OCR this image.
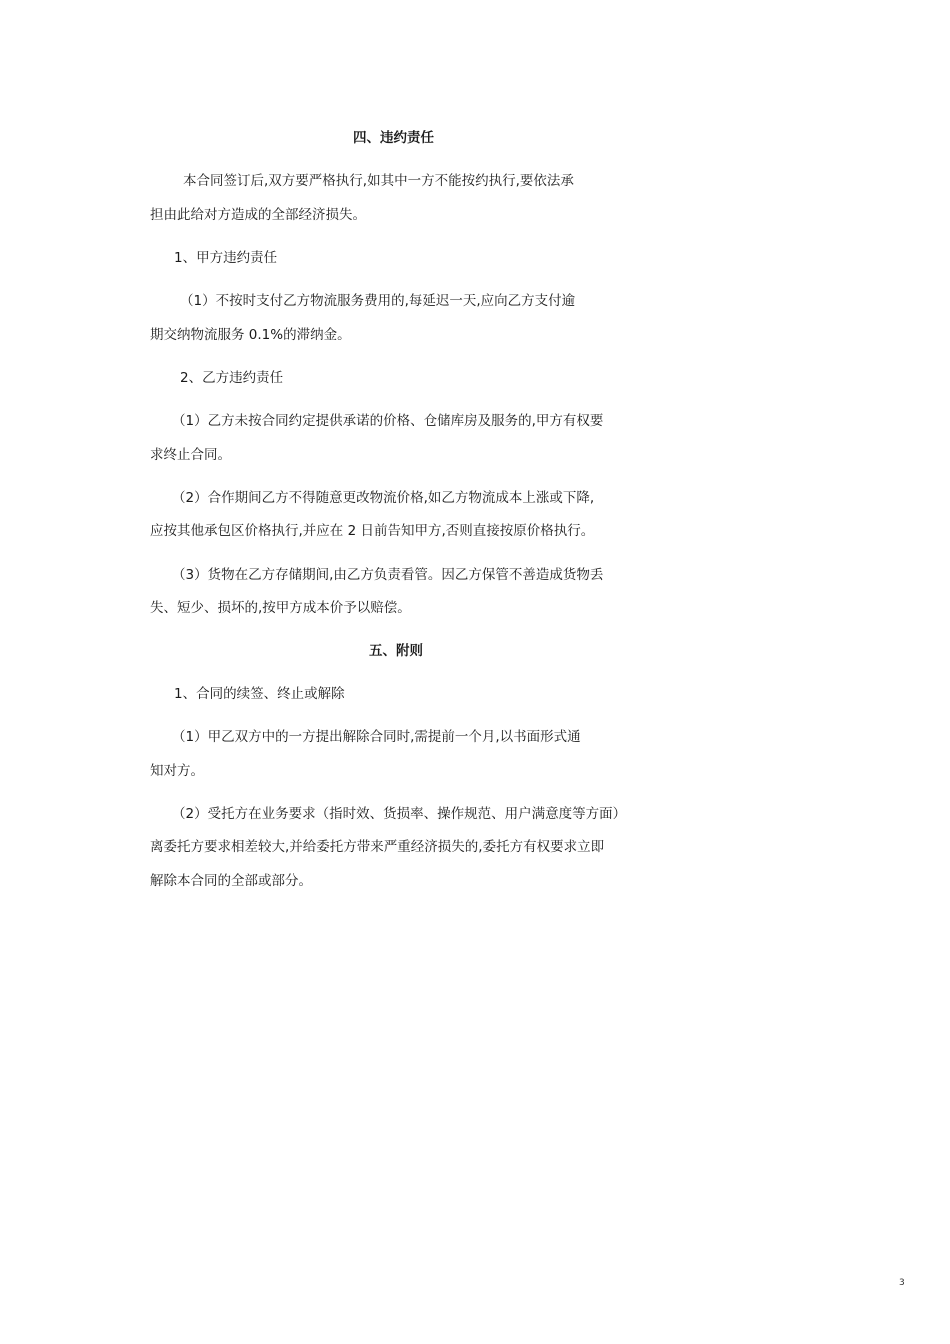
四、违约责任
本合同签订后,双方要严格执行,如其中一方不能按约执行,要依法承
担由此给对方造成的全部经济损失。
1、甲方违约责任
（1）不按时支付乙方物流服务费用的,每延迟一天,应向乙方支付逾
期交纳物流服务 0.1%的滞纳金。
2、乙方违约责任
（1）乙方未按合同约定提供承诺的价格、仓储库房及服务的,甲方有权要
求终止合同。
（2）合作期间乙方不得随意更改物流价格,如乙方物流成本上涨或下降,
应按其他承包区价格执行,并应在 2 日前告知甲方,否则直接按原价格执行。
（3）货物在乙方存储期间,由乙方负责看管。因乙方保管不善造成货物丢
失、短少、损坏的,按甲方成本价予以赔偿。
五、附则
1、合同的续签、终止或解除
（1）甲乙双方中的一方提出解除合同时,需提前一个月,以书面形式通
知对方。
（2）受托方在业务要求（指时效、货损率、操作规范、用户满意度等方面）
离委托方要求相差较大,并给委托方带来严重经济损失的,委托方有权要求立即
解除本合同的全部或部分。
3
